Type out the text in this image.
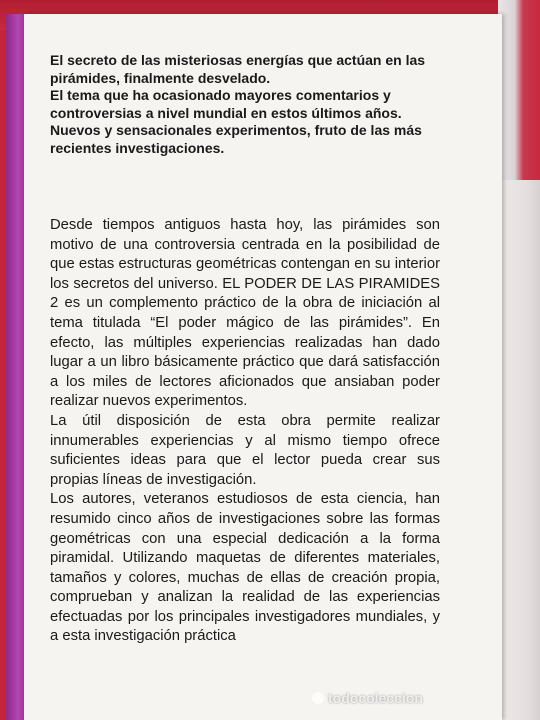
El secreto de las misteriosas energías que actúan en las pirámides, finalmente desvelado.

El tema que ha ocasionado mayores comentarios y controversias a nivel mundial en estos últimos años.

Nuevos y sensacionales experimentos, fruto de las más recientes investigaciones.

Desde tiempos antiguos hasta hoy, las pirámides son motivo de una controversia centrada en la posibilidad de que estas estructuras geométricas contengan en su interior los secretos del universo. EL PODER DE LAS PIRAMIDES 2 es un complemento práctico de la obra de iniciación al tema titulada “El poder mágico de las pirámides”. En efecto, las múltiples experiencias realizadas han dado lugar a un libro básicamente práctico que dará satisfacción a los miles de lectores aficionados que ansiaban poder realizar nuevos experimentos.

La útil disposición de esta obra permite realizar innumerables experiencias y al mismo tiempo ofrece suficientes ideas para que el lector pueda crear sus propias líneas de investigación.

Los autores, veteranos estudiosos de esta ciencia, han resumido cinco años de investigaciones sobre las formas geométricas con una especial dedicación a la forma piramidal. Utilizando maquetas de diferentes materiales, tamaños y colores, muchas de ellas de creación propia, comprueban y analizan la realidad de las experiencias efectuadas por los principales investigadores mundiales, y a esta investigación práctica

todocoleccion
